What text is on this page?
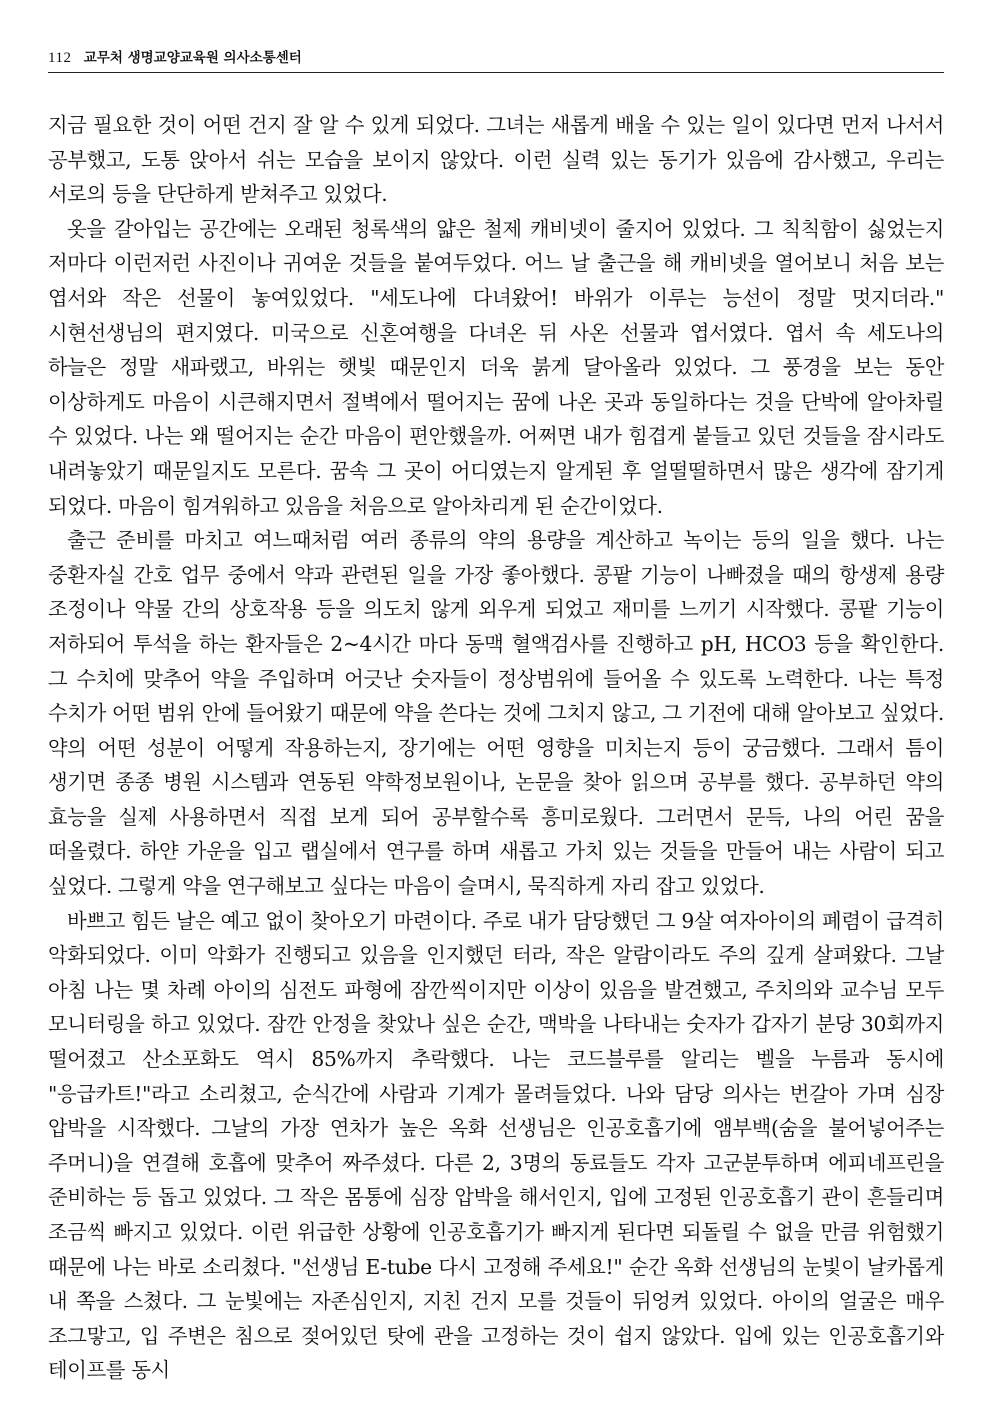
112 교무처 생명교양교육원 의사소통센터

지금 필요한 것이 어떤 건지 잘 알 수 있게 되었다. 그녀는 새롭게 배울 수 있는 일이 있다면 먼저 나서서 공부했고, 도통 앉아서 쉬는 모습을 보이지 않았다. 이런 실력 있는 동기가 있음에 감사했고, 우리는 서로의 등을 단단하게 받쳐주고 있었다.

옷을 갈아입는 공간에는 오래된 청록색의 얇은 철제 캐비넷이 줄지어 있었다. 그 칙칙함이 싫었는지 저마다 이런저런 사진이나 귀여운 것들을 붙여두었다. 어느 날 출근을 해 캐비넷을 열어보니 처음 보는 엽서와 작은 선물이 놓여있었다. "세도나에 다녀왔어! 바위가 이루는 능선이 정말 멋지더라." 시현선생님의 편지였다. 미국으로 신혼여행을 다녀온 뒤 사온 선물과 엽서였다. 엽서 속 세도나의 하늘은 정말 새파랬고, 바위는 햇빛 때문인지 더욱 붉게 달아올라 있었다. 그 풍경을 보는 동안 이상하게도 마음이 시큰해지면서 절벽에서 떨어지는 꿈에 나온 곳과 동일하다는 것을 단박에 알아차릴 수 있었다. 나는 왜 떨어지는 순간 마음이 편안했을까. 어쩌면 내가 힘겹게 붙들고 있던 것들을 잠시라도 내려놓았기 때문일지도 모른다. 꿈속 그 곳이 어디였는지 알게된 후 얼떨떨하면서 많은 생각에 잠기게 되었다. 마음이 힘겨워하고 있음을 처음으로 알아차리게 된 순간이었다.

출근 준비를 마치고 여느때처럼 여러 종류의 약의 용량을 계산하고 녹이는 등의 일을 했다. 나는 중환자실 간호 업무 중에서 약과 관련된 일을 가장 좋아했다. 콩팥 기능이 나빠졌을 때의 항생제 용량 조정이나 약물 간의 상호작용 등을 의도치 않게 외우게 되었고 재미를 느끼기 시작했다. 콩팥 기능이 저하되어 투석을 하는 환자들은 2~4시간 마다 동맥 혈액검사를 진행하고 pH, HCO3 등을 확인한다. 그 수치에 맞추어 약을 주입하며 어긋난 숫자들이 정상범위에 들어올 수 있도록 노력한다. 나는 특정 수치가 어떤 범위 안에 들어왔기 때문에 약을 쓴다는 것에 그치지 않고, 그 기전에 대해 알아보고 싶었다. 약의 어떤 성분이 어떻게 작용하는지, 장기에는 어떤 영향을 미치는지 등이 궁금했다. 그래서 틈이 생기면 종종 병원 시스템과 연동된 약학정보원이나, 논문을 찾아 읽으며 공부를 했다. 공부하던 약의 효능을 실제 사용하면서 직접 보게 되어 공부할수록 흥미로웠다. 그러면서 문득, 나의 어린 꿈을 떠올렸다. 하얀 가운을 입고 랩실에서 연구를 하며 새롭고 가치 있는 것들을 만들어 내는 사람이 되고 싶었다. 그렇게 약을 연구해보고 싶다는 마음이 슬며시, 묵직하게 자리 잡고 있었다.

바쁘고 힘든 날은 예고 없이 찾아오기 마련이다. 주로 내가 담당했던 그 9살 여자아이의 폐렴이 급격히 악화되었다. 이미 악화가 진행되고 있음을 인지했던 터라, 작은 알람이라도 주의 깊게 살펴왔다. 그날 아침 나는 몇 차례 아이의 심전도 파형에 잠깐씩이지만 이상이 있음을 발견했고, 주치의와 교수님 모두 모니터링을 하고 있었다. 잠깐 안정을 찾았나 싶은 순간, 맥박을 나타내는 숫자가 갑자기 분당 30회까지 떨어졌고 산소포화도 역시 85%까지 추락했다. 나는 코드블루를 알리는 벨을 누름과 동시에 "응급카트!"라고 소리쳤고, 순식간에 사람과 기계가 몰려들었다. 나와 담당 의사는 번갈아 가며 심장 압박을 시작했다. 그날의 가장 연차가 높은 옥화 선생님은 인공호흡기에 앰부백(숨을 불어넣어주는 주머니)을 연결해 호흡에 맞추어 짜주셨다. 다른 2, 3명의 동료들도 각자 고군분투하며 에피네프린을 준비하는 등 돕고 있었다. 그 작은 몸통에 심장 압박을 해서인지, 입에 고정된 인공호흡기 관이 흔들리며 조금씩 빠지고 있었다. 이런 위급한 상황에 인공호흡기가 빠지게 된다면 되돌릴 수 없을 만큼 위험했기 때문에 나는 바로 소리쳤다. "선생님 E-tube 다시 고정해 주세요!" 순간 옥화 선생님의 눈빛이 날카롭게 내 쪽을 스쳤다. 그 눈빛에는 자존심인지, 지친 건지 모를 것들이 뒤엉켜 있었다. 아이의 얼굴은 매우 조그맣고, 입 주변은 침으로 젖어있던 탓에 관을 고정하는 것이 쉽지 않았다. 입에 있는 인공호흡기와 테이프를 동시
